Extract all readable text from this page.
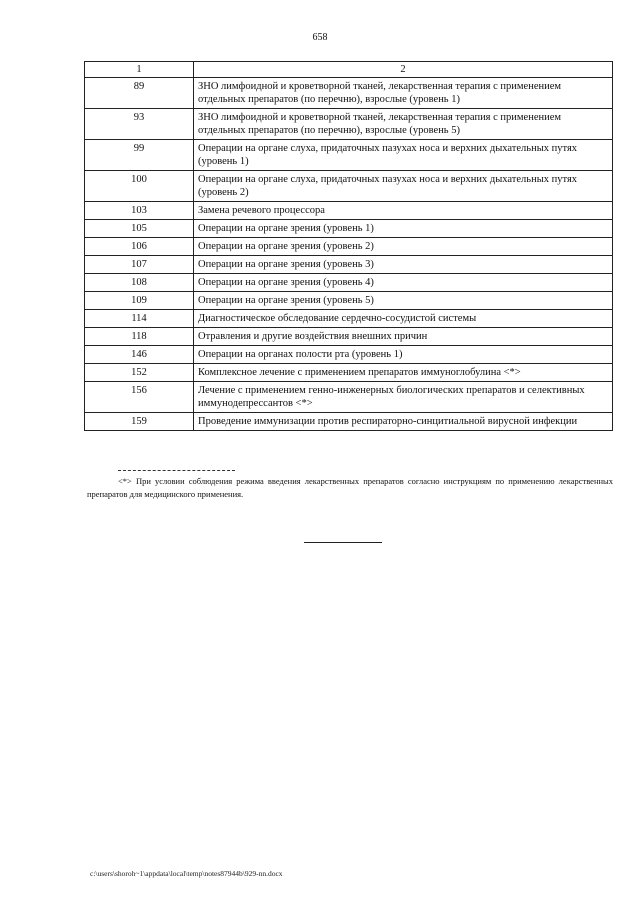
658
1	2
89	ЗНО лимфоидной и кроветворной тканей, лекарственная терапия с применением отдельных препаратов (по перечню), взрослые (уровень 1)
93	ЗНО лимфоидной и кроветворной тканей, лекарственная терапия с применением отдельных препаратов (по перечню), взрослые (уровень 5)
99	Операции на органе слуха, придаточных пазухах носа и верхних дыхательных путях (уровень 1)
100	Операции на органе слуха, придаточных пазухах носа и верхних дыхательных путях (уровень 2)
103	Замена речевого процессора
105	Операции на органе зрения (уровень 1)
106	Операции на органе зрения (уровень 2)
107	Операции на органе зрения (уровень 3)
108	Операции на органе зрения (уровень 4)
109	Операции на органе зрения (уровень 5)
114	Диагностическое обследование сердечно-сосудистой системы
118	Отравления и другие воздействия внешних причин
146	Операции на органах полости рта (уровень 1)
152	Комплексное лечение с применением препаратов иммуноглобулина <*>
156	Лечение с применением генно-инженерных биологических препаратов и селективных иммунодепрессантов <*>
159	Проведение иммунизации против респираторно-синцитиальной вирусной инфекции
<*> При условии соблюдения режима введения лекарственных препаратов согласно инструкциям по применению лекарственных препаратов для медицинского применения.
c:\users\shoroh~1\appdata\local\temp\notes87944b\929-nn.docx
